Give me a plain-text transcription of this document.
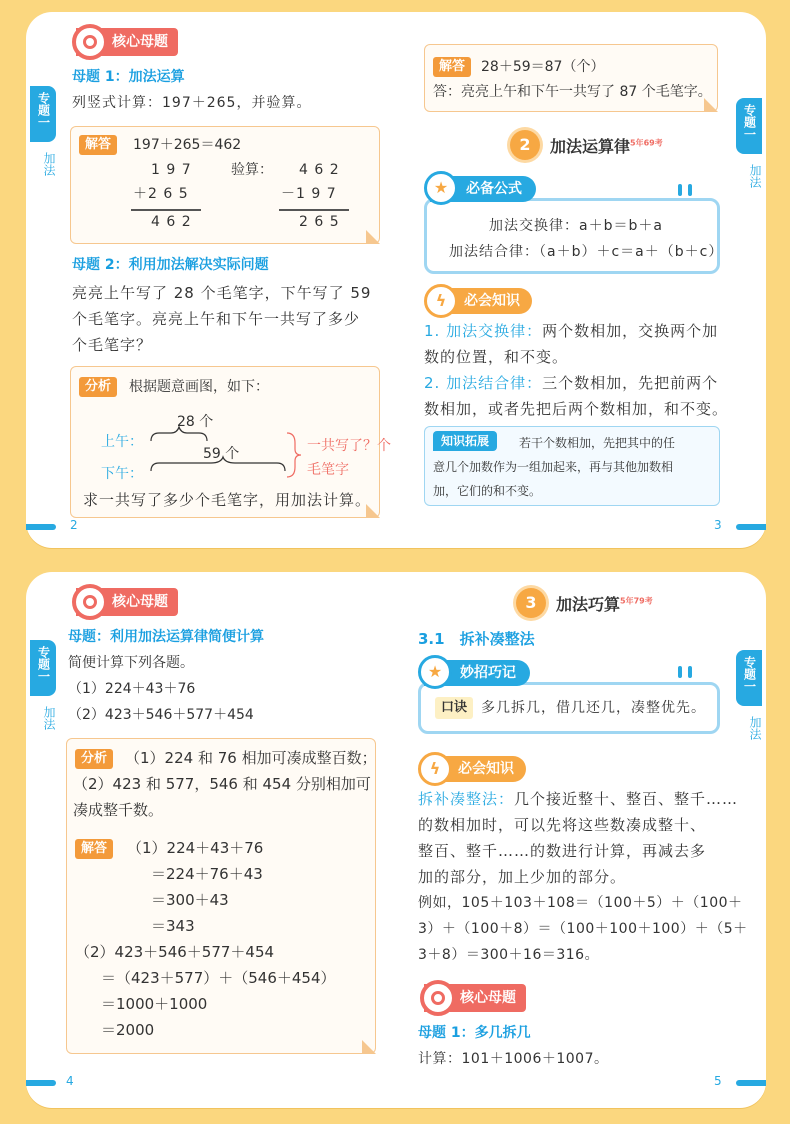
核心母题
专题一
加法
母题 1：加法运算
列竖式计算：197＋265，并验算。
解答	197＋265＝462
1 9 7
＋2 6 5
4 6 2
验算： 4 6 2
－1 9 7
2 6 5
母题 2：利用加法解决实际问题
亮亮上午写了 28 个毛笔字，下午写了 59
个毛笔字。亮亮上午和下午一共写了多少
个毛笔字？
分析	根据题意画图，如下：
上午：
下午：
28 个
59 个	一共写了？个
毛笔字
求一共写了多少个毛笔字，用加法计算。
2
解答	28＋59＝87（个）
答：亮亮上午和下午一共写了 87 个毛笔字。
2	加法运算律$^{5年69考}$
加法交换律：a＋b＝b＋a
加法结合律：（a＋b）＋c＝a＋（b＋c）
★	必备公式
ϟ	必会知识
1. 加法交换律：两个数相加，交换两个加
数的位置，和不变。
2. 加法结合律：三个数相加，先把前两个
数相加，或者先把后两个数相加，和不变。
知识拓展	若干个数相加，先把其中的任
意几个加数作为一组加起来，再与其他加数相
加，它们的和不变。
专题一
加法
3
核心母题
专题一
加法
母题：利用加法运算律简便计算
简便计算下列各题。
（1）224＋43＋76
（2）423＋546＋577＋454
分析	（1）224 和 76 相加可凑成整百数；
（2）423 和 577，546 和 454 分别相加可
凑成整千数。
解答	（1）224＋43＋76
＝224＋76＋43
＝300＋43
＝343
（2）423＋546＋577＋454
＝（423＋577）＋（546＋454）
＝1000＋1000
＝2000
4
3	加法巧算$^{5年79考}$
3.1　拆补凑整法
口诀 多几拆几，借几还几，凑整优先。
★	妙招巧记
ϟ	必会知识
拆补凑整法：几个接近整十、整百、整千……
的数相加时，可以先将这些数凑成整十、
整百、整千……的数进行计算，再减去多
加的部分，加上少加的部分。
例如，105＋103＋108＝（100＋5）＋（100＋
3）＋（100＋8）＝（100＋100＋100）＋（5＋
3＋8）＝300＋16＝316。
核心母题
母题 1：多几拆几
计算：101＋1006＋1007。
专题一
加法
5
